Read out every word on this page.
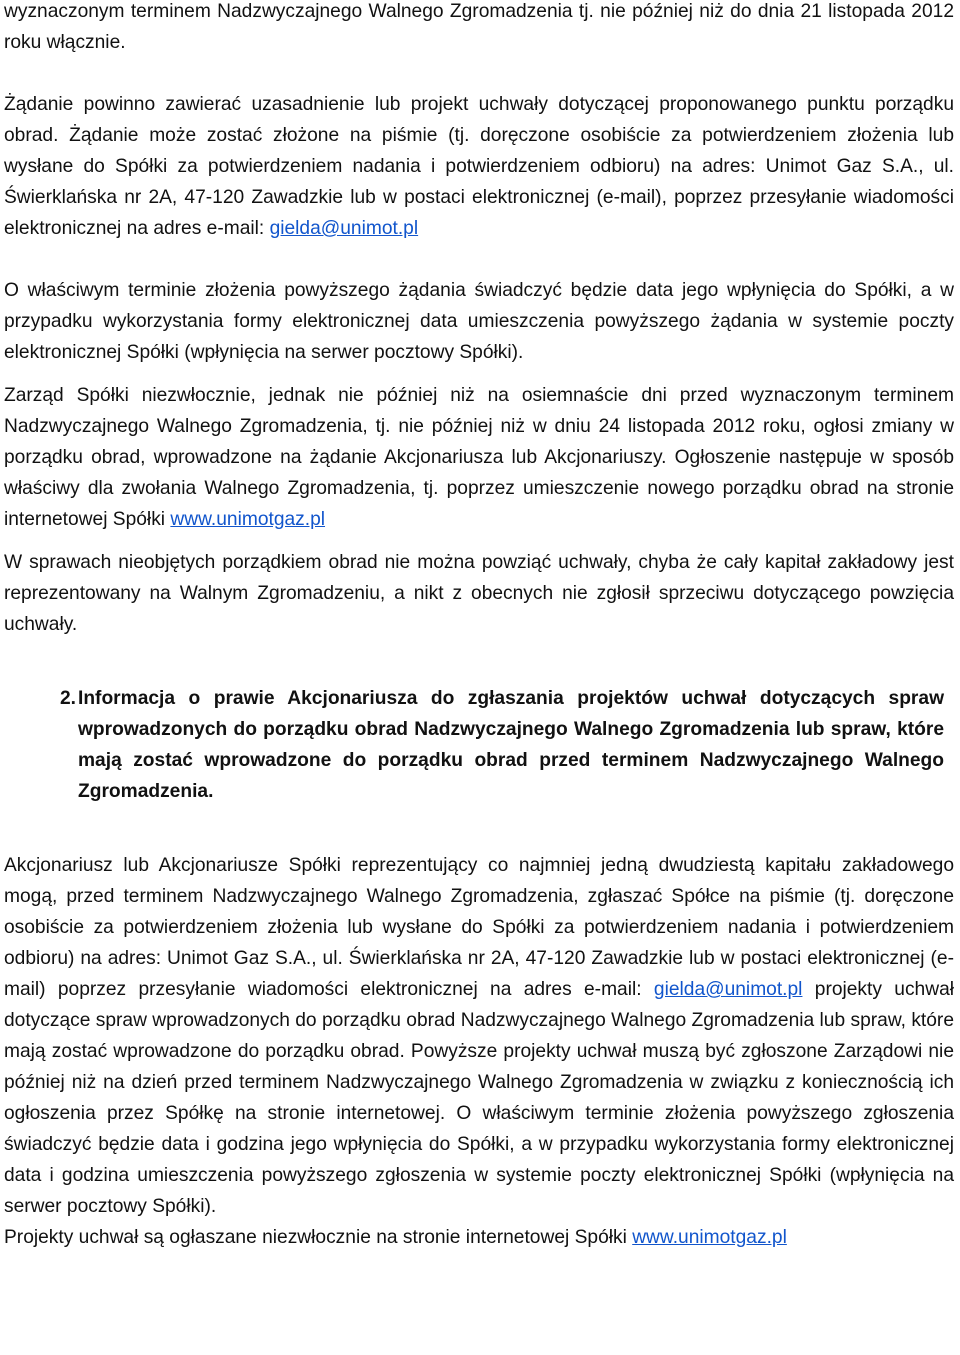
wyznaczonym terminem Nadzwyczajnego Walnego Zgromadzenia tj. nie później niż do dnia 21 listopada 2012 roku włącznie.

Żądanie powinno zawierać uzasadnienie lub projekt uchwały dotyczącej proponowanego punktu porządku obrad. Żądanie może zostać złożone na piśmie (tj. doręczone osobiście za potwierdzeniem złożenia lub wysłane do Spółki za potwierdzeniem nadania i potwierdzeniem odbioru) na adres: Unimot Gaz S.A., ul. Świerklańska nr 2A, 47-120 Zawadzkie lub w postaci elektronicznej (e-mail), poprzez przesyłanie wiadomości elektronicznej na adres e-mail: gielda@unimot.pl

O właściwym terminie złożenia powyższego żądania świadczyć będzie data jego wpłynięcia do Spółki, a w przypadku wykorzystania formy elektronicznej data umieszczenia powyższego żądania w systemie poczty elektronicznej Spółki (wpłynięcia na serwer pocztowy Spółki).

Zarząd Spółki niezwłocznie, jednak nie później niż na osiemnaście dni przed wyznaczonym terminem Nadzwyczajnego Walnego Zgromadzenia, tj. nie później niż w dniu 24 listopada 2012 roku, ogłosi zmiany w porządku obrad, wprowadzone na żądanie Akcjonariusza lub Akcjonariuszy. Ogłoszenie następuje w sposób właściwy dla zwołania Walnego Zgromadzenia, tj. poprzez umieszczenie nowego porządku obrad na stronie internetowej Spółki www.unimotgaz.pl

W sprawach nieobjętych porządkiem obrad nie można powziąć uchwały, chyba że cały kapitał zakładowy jest reprezentowany na Walnym Zgromadzeniu, a nikt z obecnych nie zgłosił sprzeciwu dotyczącego powzięcia uchwały.

2. Informacja o prawie Akcjonariusza do zgłaszania projektów uchwał dotyczących spraw wprowadzonych do porządku obrad Nadzwyczajnego Walnego Zgromadzenia lub spraw, które mają zostać wprowadzone do porządku obrad przed terminem Nadzwyczajnego Walnego Zgromadzenia.

Akcjonariusz lub Akcjonariusze Spółki reprezentujący co najmniej jedną dwudziestą kapitału zakładowego mogą, przed terminem Nadzwyczajnego Walnego Zgromadzenia, zgłaszać Spółce na piśmie (tj. doręczone osobiście za potwierdzeniem złożenia lub wysłane do Spółki za potwierdzeniem nadania i potwierdzeniem odbioru) na adres: Unimot Gaz S.A., ul. Świerklańska nr 2A, 47-120 Zawadzkie lub w postaci elektronicznej (e-mail) poprzez przesyłanie wiadomości elektronicznej na adres e-mail: gielda@unimot.pl projekty uchwał dotyczące spraw wprowadzonych do porządku obrad Nadzwyczajnego Walnego Zgromadzenia lub spraw, które mają zostać wprowadzone do porządku obrad. Powyższe projekty uchwał muszą być zgłoszone Zarządowi nie później niż na dzień przed terminem Nadzwyczajnego Walnego Zgromadzenia w związku z koniecznością ich ogłoszenia przez Spółkę na stronie internetowej. O właściwym terminie złożenia powyższego zgłoszenia świadczyć będzie data i godzina jego wpłynięcia do Spółki, a w przypadku wykorzystania formy elektronicznej data i godzina umieszczenia powyższego zgłoszenia w systemie poczty elektronicznej Spółki (wpłynięcia na serwer pocztowy Spółki).

Projekty uchwał są ogłaszane niezwłocznie na stronie internetowej Spółki www.unimotgaz.pl
